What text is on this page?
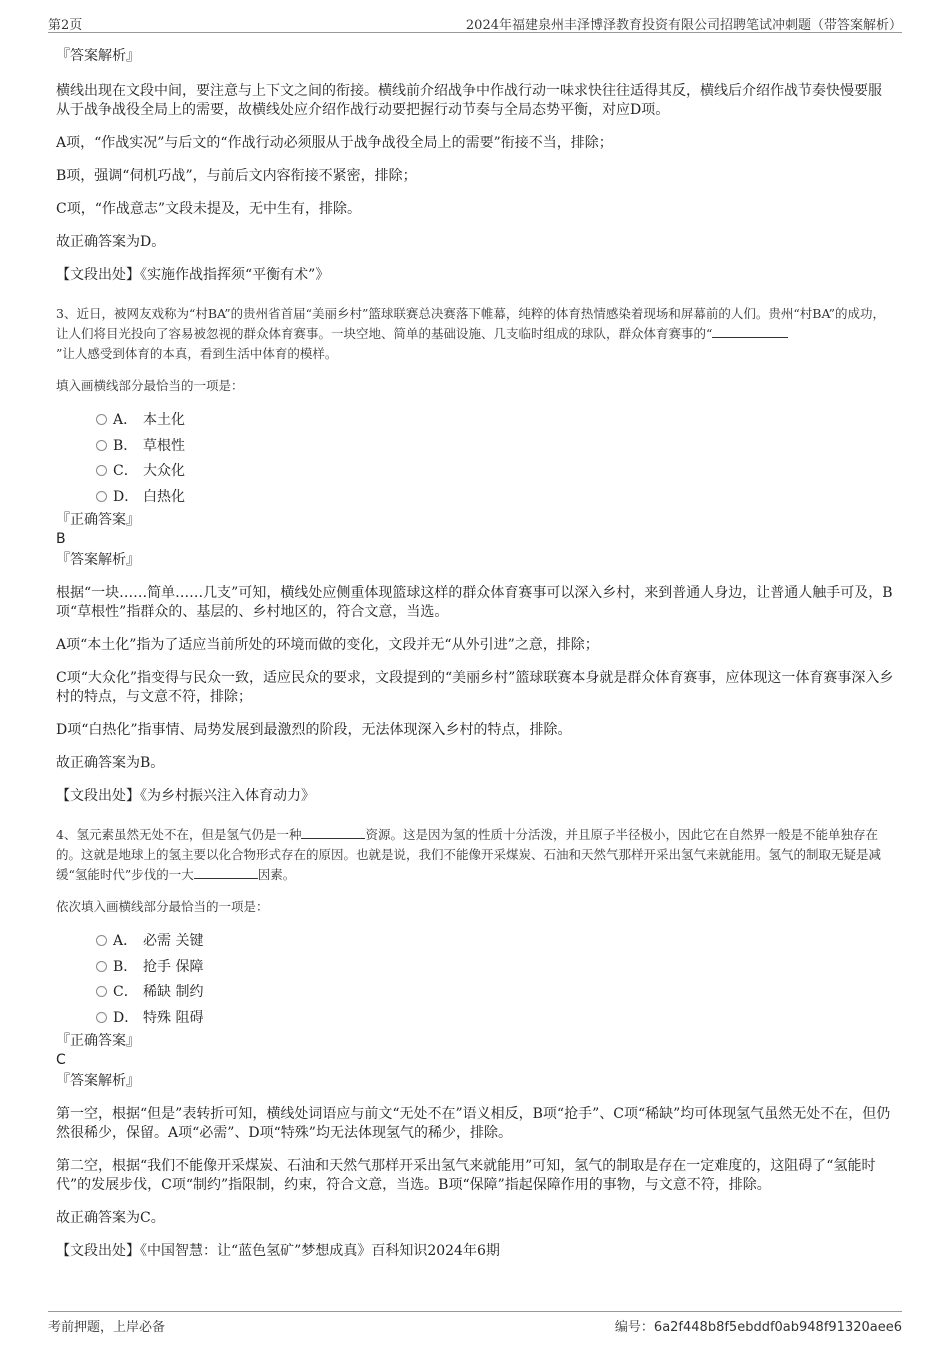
第2页	2024年福建泉州丰泽博泽教育投资有限公司招聘笔试冲刺题（带答案解析）

『答案解析』

横线出现在文段中间，要注意与上下文之间的衔接。横线前介绍战争中作战行动一味求快往往适得其反，横线后介绍作战节奏快慢要服从于战争战役全局上的需要，故横线处应介绍作战行动要把握行动节奏与全局态势平衡，对应D项。

A项，“作战实况”与后文的“作战行动必须服从于战争战役全局上的需要”衔接不当，排除；

B项，强调“伺机巧战”，与前后文内容衔接不紧密，排除；

C项，“作战意志”文段未提及，无中生有，排除。

故正确答案为D。

【文段出处】《实施作战指挥须“平衡有术”》

3、近日，被网友戏称为“村BA”的贵州省首届“美丽乡村”篮球联赛总决赛落下帷幕，纯粹的体育热情感染着现场和屏幕前的人们。贵州“村BA”的成功，让人们将目光投向了容易被忽视的群众体育赛事。一块空地、简单的基础设施、几支临时组成的球队，群众体育赛事的“
”让人感受到体育的本真，看到生活中体育的模样。

填入画横线部分最恰当的一项是：

A． 本土化
B． 草根性
C． 大众化
D． 白热化

『正确答案』

B

『答案解析』

根据“一块……简单……几支”可知，横线处应侧重体现篮球这样的群众体育赛事可以深入乡村，来到普通人身边，让普通人触手可及，B项“草根性”指群众的、基层的、乡村地区的，符合文意，当选。

A项“本土化”指为了适应当前所处的环境而做的变化，文段并无“从外引进”之意，排除；

C项“大众化”指变得与民众一致，适应民众的要求，文段提到的“美丽乡村”篮球联赛本身就是群众体育赛事，应体现这一体育赛事深入乡村的特点，与文意不符，排除；

D项“白热化”指事情、局势发展到最激烈的阶段，无法体现深入乡村的特点，排除。

故正确答案为B。

【文段出处】《为乡村振兴注入体育动力》

4、氢元素虽然无处不在，但是氢气仍是一种	资源。这是因为氢的性质十分活泼，并且原子半径极小，因此它在自然界一般是不能单独存在的。这就是地球上的氢主要以化合物形式存在的原因。也就是说，我们不能像开采煤炭、石油和天然气那样开采出氢气来就能用。氢气的制取无疑是减缓“氢能时代”步伐的一大	因素。

依次填入画横线部分最恰当的一项是：

A． 必需 关键
B． 抢手 保障
C． 稀缺 制约
D． 特殊 阻碍

『正确答案』

C

『答案解析』

第一空，根据“但是”表转折可知，横线处词语应与前文“无处不在”语义相反，B项“抢手”、C项“稀缺”均可体现氢气虽然无处不在，但仍然很稀少，保留。A项“必需”、D项“特殊”均无法体现氢气的稀少，排除。

第二空，根据“我们不能像开采煤炭、石油和天然气那样开采出氢气来就能用”可知，氢气的制取是存在一定难度的，这阻碍了“氢能时代”的发展步伐，C项“制约”指限制，约束，符合文意，当选。B项“保障”指起保障作用的事物，与文意不符，排除。

故正确答案为C。

【文段出处】《中国智慧：让“蓝色氢矿”梦想成真》百科知识2024年6期

考前押题，上岸必备	编号：6a2f448b8f5ebddf0ab948f91320aee6
